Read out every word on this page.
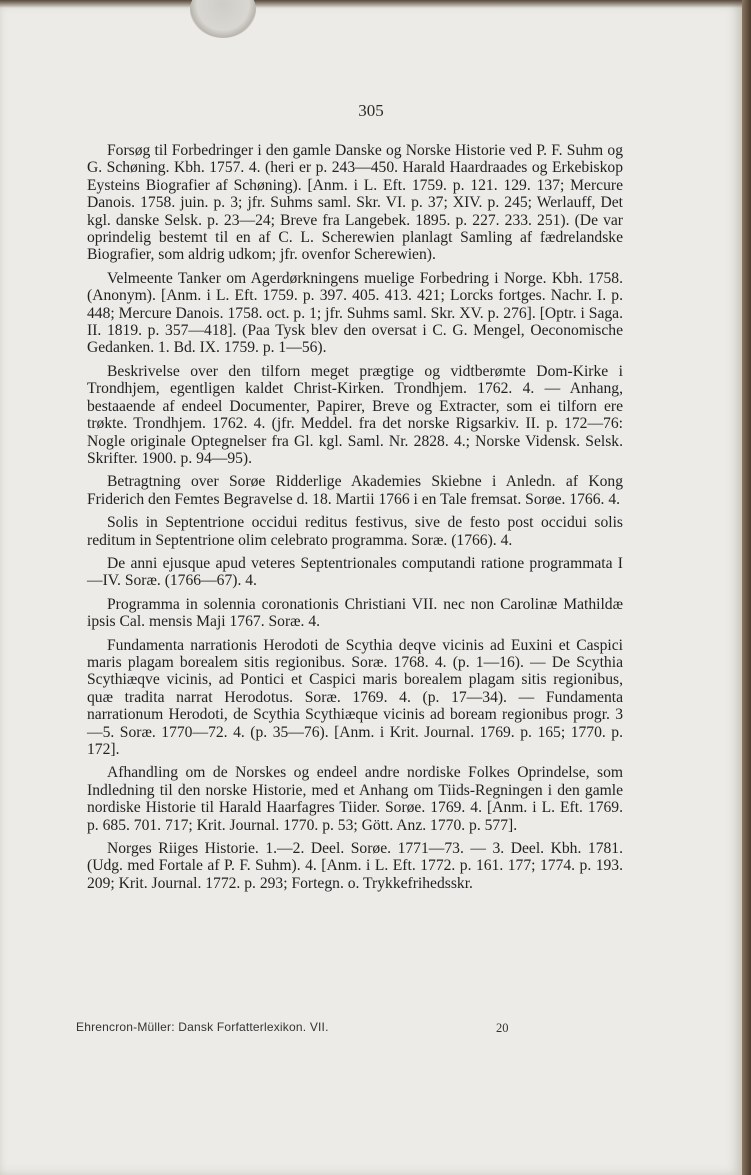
305

Forsøg til Forbedringer i den gamle Danske og Norske Historie ved P. F. Suhm og G. Schøning. Kbh. 1757. 4. (heri er p. 243—450. Harald Haardraades og Erkebiskop Eysteins Biografier af Schøning). [Anm. i L. Eft. 1759. p. 121. 129. 137; Mercure Danois. 1758. juin. p. 3; jfr. Suhms saml. Skr. VI. p. 37; XIV. p. 245; Werlauff, Det kgl. danske Selsk. p. 23—24; Breve fra Langebek. 1895. p. 227. 233. 251). (De var oprindelig bestemt til en af C. L. Scherewien planlagt Samling af fædrelandske Biografier, som aldrig udkom; jfr. ovenfor Scherewien).

Velmeente Tanker om Agerdørkningens muelige Forbedring i Norge. Kbh. 1758. (Anonym). [Anm. i L. Eft. 1759. p. 397. 405. 413. 421; Lorcks fortges. Nachr. I. p. 448; Mercure Danois. 1758. oct. p. 1; jfr. Suhms saml. Skr. XV. p. 276]. [Optr. i Saga. II. 1819. p. 357—418]. (Paa Tysk blev den oversat i C. G. Mengel, Oeconomische Gedanken. 1. Bd. IX. 1759. p. 1—56).

Beskrivelse over den tilforn meget prægtige og vidtberømte Dom-Kirke i Trondhjem, egentligen kaldet Christ-Kirken. Trondhjem. 1762. 4. — Anhang, bestaaende af endeel Documenter, Papirer, Breve og Extracter, som ei tilforn ere trøkte. Trondhjem. 1762. 4. (jfr. Meddel. fra det norske Rigsarkiv. II. p. 172—76: Nogle originale Optegnelser fra Gl. kgl. Saml. Nr. 2828. 4.; Norske Vidensk. Selsk. Skrifter. 1900. p. 94—95).

Betragtning over Sorøe Ridderlige Akademies Skiebne i Anledn. af Kong Friderich den Femtes Begravelse d. 18. Martii 1766 i en Tale fremsat. Sorøe. 1766. 4.

Solis in Septentrione occidui reditus festivus, sive de festo post occidui solis reditum in Septentrione olim celebrato programma. Soræ. (1766). 4.

De anni ejusque apud veteres Septentrionales computandi ratione programmata I—IV. Soræ. (1766—67). 4.

Programma in solennia coronationis Christiani VII. nec non Carolinæ Mathildæ ipsis Cal. mensis Maji 1767. Soræ. 4.

Fundamenta narrationis Herodoti de Scythia deqve vicinis ad Euxini et Caspici maris plagam borealem sitis regionibus. Soræ. 1768. 4. (p. 1—16). — De Scythia Scythiæqve vicinis, ad Pontici et Caspici maris borealem plagam sitis regionibus, quæ tradita narrat Herodotus. Soræ. 1769. 4. (p. 17—34). — Fundamenta narrationum Herodoti, de Scythia Scythiæque vicinis ad boream regionibus progr. 3—5. Soræ. 1770—72. 4. (p. 35—76). [Anm. i Krit. Journal. 1769. p. 165; 1770. p. 172].

Afhandling om de Norskes og endeel andre nordiske Folkes Oprindelse, som Indledning til den norske Historie, med et Anhang om Tiids-Regningen i den gamle nordiske Historie til Harald Haarfagres Tiider. Sorøe. 1769. 4. [Anm. i L. Eft. 1769. p. 685. 701. 717; Krit. Journal. 1770. p. 53; Gött. Anz. 1770. p. 577].

Norges Riiges Historie. 1.—2. Deel. Sorøe. 1771—73. — 3. Deel. Kbh. 1781. (Udg. med Fortale af P. F. Suhm). 4. [Anm. i L. Eft. 1772. p. 161. 177; 1774. p. 193. 209; Krit. Journal. 1772. p. 293; Fortegn. o. Trykkefrihedsskr.

Ehrencron-Müller: Dansk Forfatterlexikon. VII.	20
